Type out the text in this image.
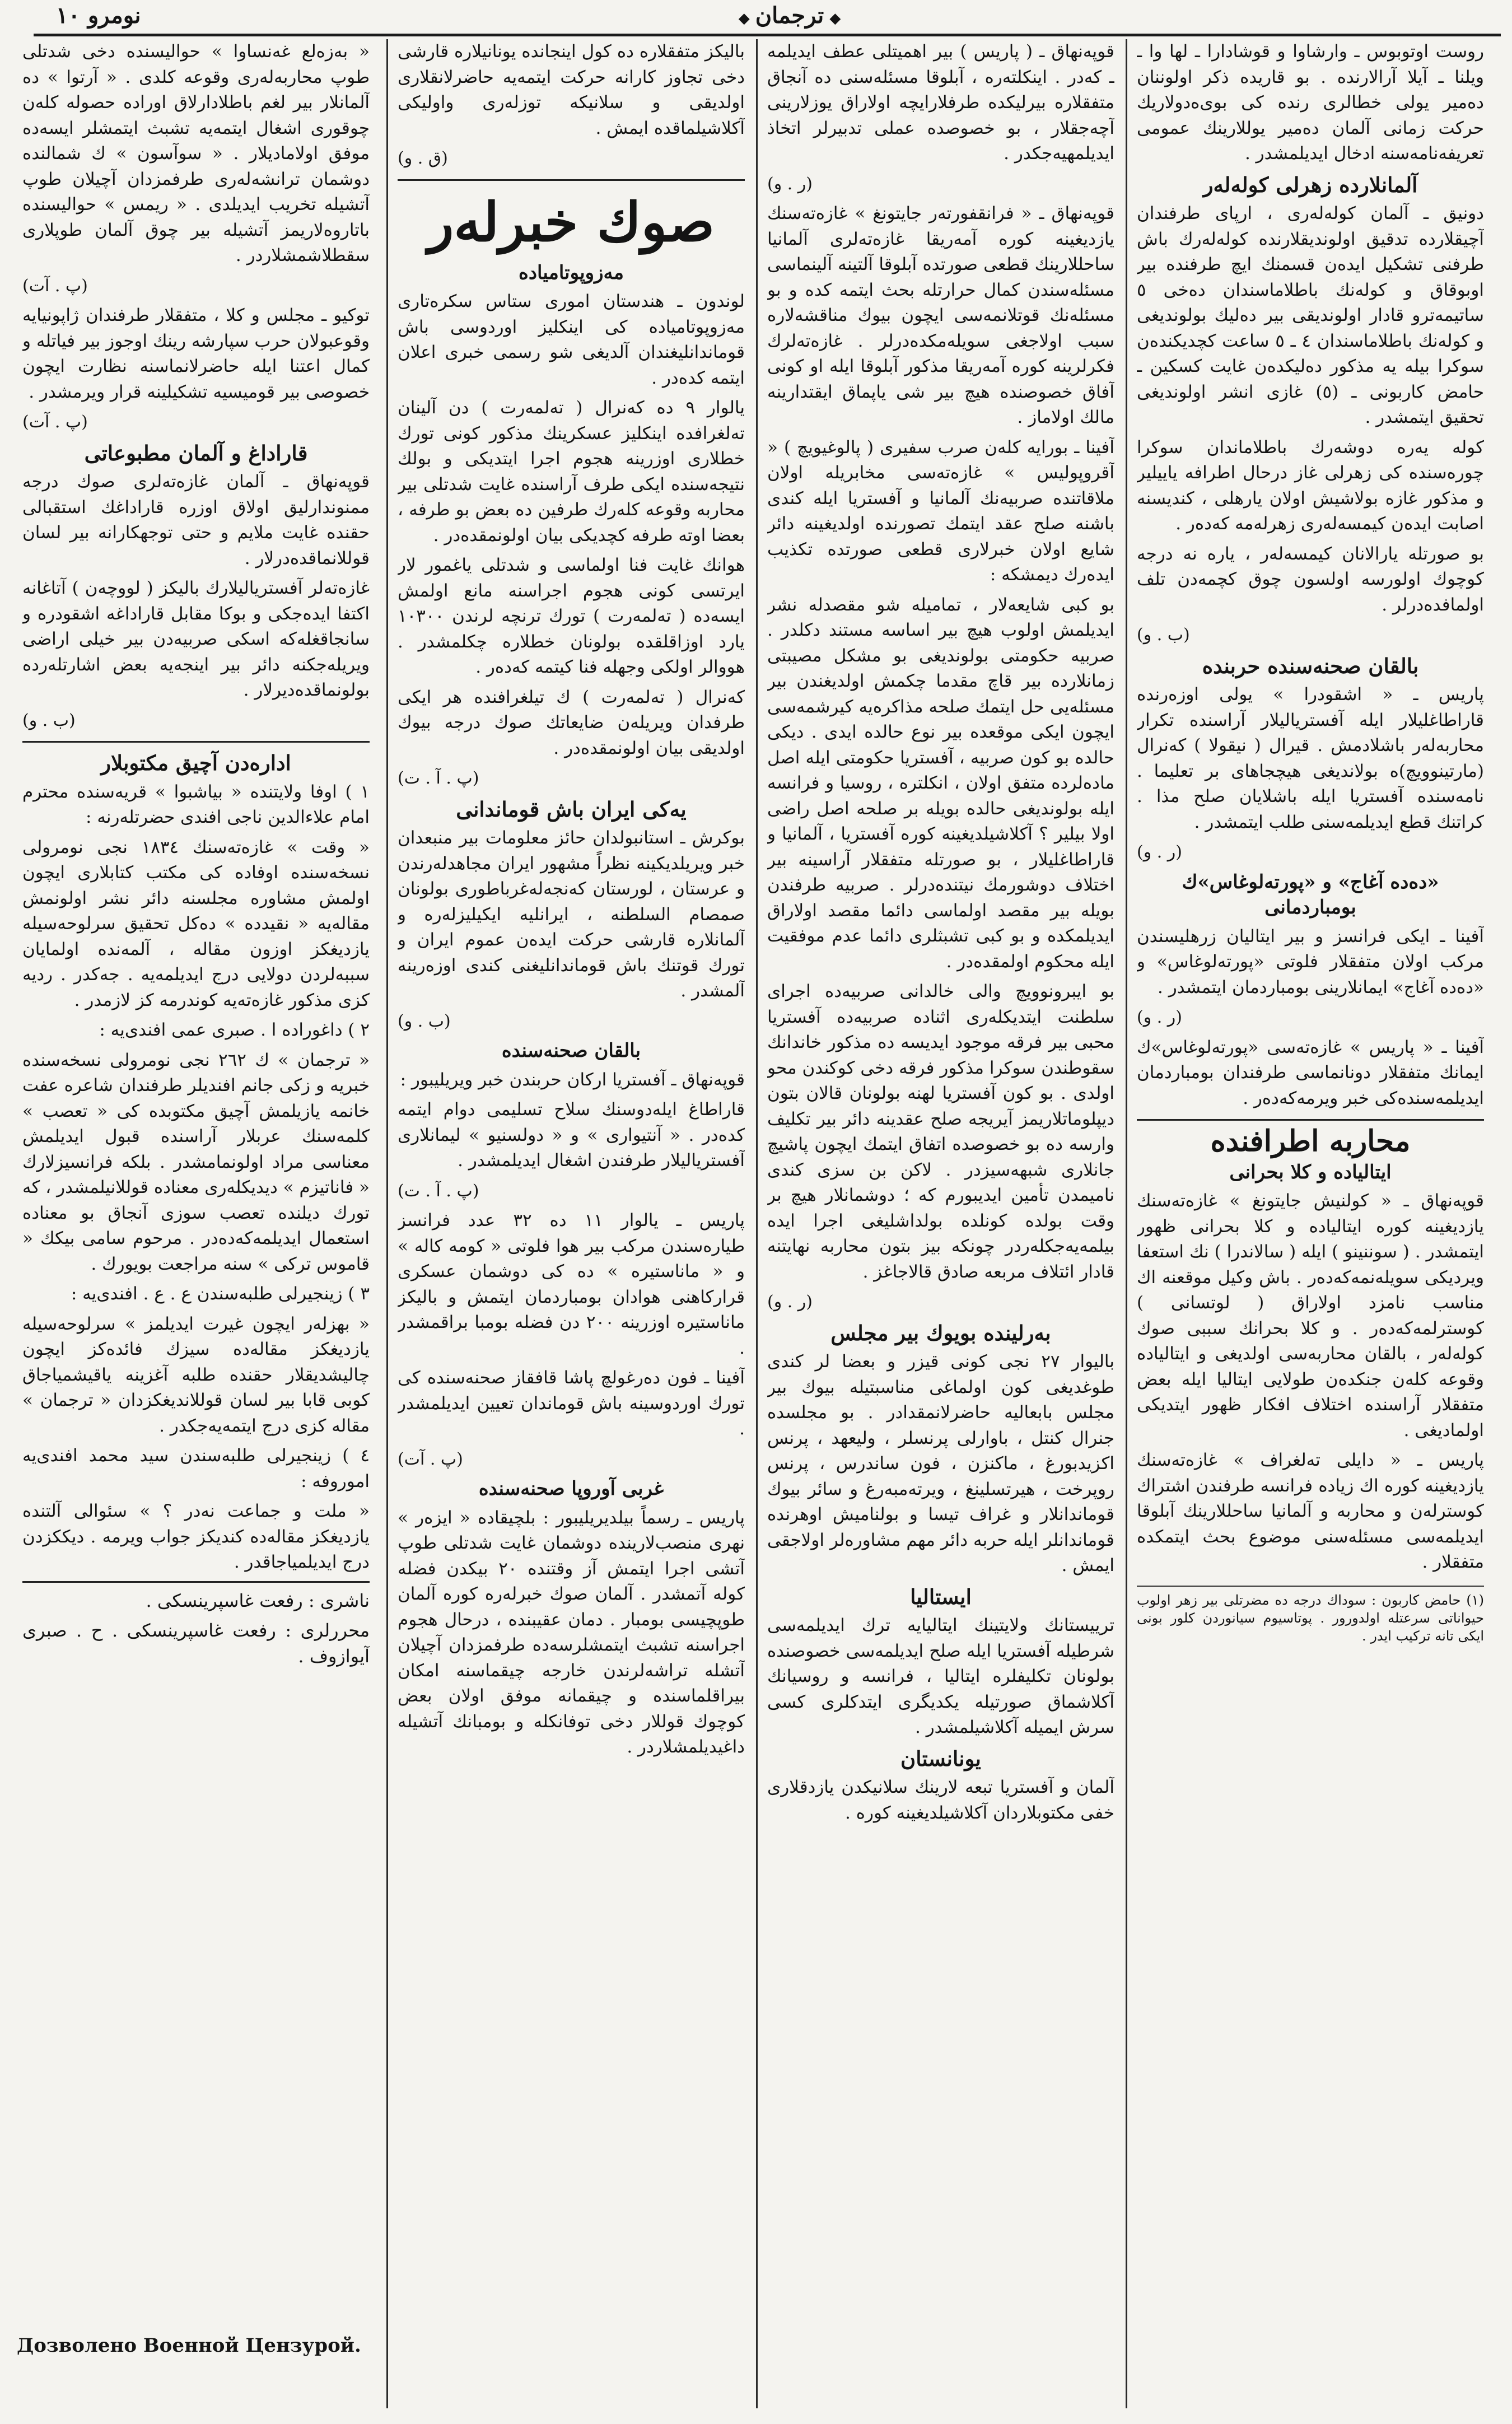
نومرو ١٠
◆	ترجمان ◆

روست اوتوبوس ـ وارشاوا و قوشادارا ـ لها وا ـ ويلنا ـ آيلا آرالارنده . بو قاريده ذكر اولوننان دەمير يولی خطالری رنده کی بوی‌ەدولاریك حرکت زمانی آلمان دەمير يوللارينك عمومی تعریفەنامەسنه ادخال ایدیلمشدر .

آلمانلاردە زهرلی کولەلەر

دونیق ـ آلمان کولەلەری ، ارپای طرفندان آچیقلارده تدقیق اولوندیقلارنده کولەلەرك باش طرفنی تشکیل ایدەن قسمنك ایچ طرفنده بیر اوبوقاق و کولەنك باطلاماسندان دەخی ٥ ساتیمەترو قادار اولوندیقی بیر دەلیك بولوندیغی و کولەنك باطلاماسندان ٤ ـ ٥ ساعت کچدیکندەن سوکرا بیله یە مذکور دەلیکدەن غایت کسکین ـ حامض کاربونی ـ (٥) غازی انشر اولوندیغی تحقیق ایتمشدر .

کولە یەرە دوشەرك باطلاماندان سوکرا چوره‌سنده کی زهرلی غاز درحال اطرافه یاییلیر و مذکور غازه بولاشیش اولان یارهلی ، کندیسنه اصابت ایدەن کیمسەلەری زهرلەمه کەدەر .

بو صورتله یارالانان کیمسەلەر ، یاره نه درجە کوچوك اولورسه اولسون چوق کچمەدن تلف اولمافدەدرلر .

(ب . و)

بالقان صحنەسنده حربنده

پاریس ـ « اشقودرا » یولی اوزەرنده قاراطاغلیلار ایله آفستريالیلار آراسنده تکرار محاربەلەر باشلادمش . قیرال ( نیقولا ) کەنرال (مارتینوویچ)ه بولاندیغی هیچجاهای بر تعلیما . نامەسنده آفستريا ایله باشلایان صلح مذا . کراتنك قطع ایدیلمەسنی طلب ایتمشدر .

(ر . و)

«دەدە آغاج» و «پورتەلوغاس»ك بومباردمانی

آفینا ـ ایکی فرانسز و بیر ایتالیان زرهلیسندن مرکب اولان متفقلار فلوتی «پورتەلوغاس» و «دەدە آغاج» ایمانلارینی بومباردمان ایتمشدر .

(ر . و)

آفینا ـ « پاریس » غازەتەسی «پورتەلوغاس»ك ایمانك متفقلار دونانماسی طرفندان بومباردمان ایدیلمه‌سندەکی خبر ویرمەکەدەر .

محاربه اطرافنده
ایتالیادە و کلا بحرانی

قوپەنهاق ـ « کولنیش جایتونغ » غازەتەسنك یازدیغینه کوره ایتالیادە و کلا بحرانی ظهور ایتمشدر . ( سوننینو ) ایله ( سالاندرا ) نك استعفا ویردیکی سویلەنمەکەدەر . باش وکیل موقعنه اك مناسب نامزد اولاراق ( لوتسانی ) کوسترلمەکەدەر . و کلا بحرانك سببی صوك کولەلەر ، بالقان محاربەسی اولدیغی و ایتالیاده وقوعه کلەن جنکدەن طولایی ایتالیا ایله بعض متفقلار آراسنده اختلاف افکار ظهور ایتدیکی اولمادیغی .

پاریس ـ « دایلی تەلغراف » غازەتەسنك یازدیغینه کوره اك زیادە فرانسه طرفندن اشتراك کوسترلەن و محاربه و آلمانیا ساحللارینك آبلوقا ایدیلمەسی مسئلەسنی موضوع بحث ایتمکده متفقلار .

(١) حامض کاربون : سوداك درجه ده مضرتلی بیر زهر اولوب حیواناتی سرعتله اولدورور . پوتاسیوم سیانوردن کلور بونی ایكی تانه ترکیب ایدر .

قوپەنهاق ـ ( پاریس ) بیر اهمیتلی عطف ایدیلمه ـ کەدر . اینکلتەره ، آبلوقا مسئلەسنی ده آنجاق متفقلاره بیرلیکده طرفلارایچه اولاراق یوزلارینی آچەجقلار ، بو خصوصده عملی تدبیرلر اتخاذ ایدیلمهیەجکدر .

(ر . و)

قوپەنهاق ـ « فرانقفورتەر جایتونغ » غازەتەسنك یازدیغینه کوره آمەریقا غازەتەلری آلمانیا ساحللارینك قطعی صورتده آبلوقا آلتینه آلینماسی مسئلەسندن کمال حرارتله بحث ایتمه کده و بو مسئلەنك قوتلانمەسی ایچون بیوك مناقشەلاره سبب اولاجغی سویلەمکدەدرلر . غازەتەلرك فکرلرینه کوره آمەریقا مذکور آبلوقا ایله او کونی آفاق خصوصنده هیچ بیر شی یاپماق ایقتدارینه مالك اولاماز .

آفینا ـ بورایه کلەن صرب سفیری ( پالوغیویچ ) « آقروپولیس » غازەتەسی مخابریله اولان ملاقاتنده صربیه‌نك آلمانیا و آفستريا ایله کندی باشنه صلح عقد ایتمك تصورنده اولدیغینه دائر شایع اولان خبرلاری قطعی صورتده تکذیب ایدەرك دیمشکه :

بو کبی شایعەلار ، تماميله شو مقصدله نشر ایدیلمش اولوب هیچ بیر اساسه مستند دکلدر . صربیه حکومتی بولوندیغی بو مشکل مصیبتی زمانلارده بیر قاچ مقدما چکمش اولدیغندن بیر مسئلەیی حل ایتمك صلحه مذاکرەیه کیرشمەسی ایچون ایکی موقعده بیر نوع حالده ایدی . دیکی حالده بو کون صربیه ، آفستریا حکومتی ایله اصل مادەلرده متفق اولان ، انکلترە ، روسیا و فرانسه ایله بولوندیغی حالده بویله بر صلحه اصل راضی اولا بیلیر ؟ آکلاشیلدیغینه کوره آفستريا ، آلمانيا و قاراطاغلیلار ، بو صورتله متفقلار آراسینه بیر اختلاف دوشورمك نیتنده‌درلر . صربیه طرفندن بویله بیر مقصد اولماسی دائما مقصد اولاراق ایدیلمکده و بو کبی تشبثلری دائما عدم موفقيت ايله محکوم اولمقدەدر .

بو ایبرونوویچ والی خالدانی صربیه‌ده اجرای سلطنت ایتدیکلەری اثناده صربیه‌ده آفستریا محبی بیر فرقه موجود ایدیسه ده مذکور خاندانك سقوطندن سوکرا مذکور فرقه دخی کوکندن محو اولدی . بو کون آفستریا لهنه بولونان قالان بتون دیپلوماتلاریمز آیریجه صلح عقدینه دائر بیر تکلیف وارسه ده بو خصوصده اتفاق ایتمك ایچون پاشیچ جانلاری شبهەسیزدر . لاكن بن سزی کندی نامیمدن تأمین ایدیبورم که ؛ دوشمانلار هیچ بر وقت بولده کونلده بولداشلیغی اجرا ایده بیلمەیەجکلەردر چونکه بیز بتون محاربه نهایتنه قادار ائتلاف مربعه صادق قالاجاغز .

(ر . و)

بەرلیندە بویوك بیر مجلس

بالیوار ٢٧ نجی کونی قیزر و بعضا لر کندی طوغدیغی کون اولماغی مناسبتیله بیوك بیر مجلس بابعالیه حاضرلانمقدادر . بو مجلسده جنرال کنتل ، باوارلی پرنسلر ، ولیعهد ، پرنس اکزیدبورغ ، ماکنزن ، فون ساندرس ، پرنس روپرخت ، هیرتسلینغ ، ویرتەمبەرغ و سائر بیوك قوماندانلار و غراف تیسا و بولنامیش اوهرنده قوماندانلر ایله حربه دائر مهم مشاورەلر اولاجقی ایمش .

ایستالیا

ترییستانك ولایتینك ایتالیایه ترك ایدیلمەسی شرطیله آفستریا ایله صلح ایدیلمەسی خصوصنده بولونان تکلیفلره ایتالیا ، فرانسه و روسیانك آکلاشماق صورتیله یکدیگری ایتدکلری کسی سرش ایمیله آکلاشیلمشدر .

یونانستان

آلمان و آفستریا تبعه لارینك سلانیکدن یازدقلاری خفی مکتوبلاردان آکلاشیلدیغینه کوره .

بالیکز متفقلارە دە کول اینجانده یونانیلارە قارشی دخی تجاوز کارانه حرکت ایتمەیه حاضرلانقلاری اولدیقی و سلانیکه توزلەری واولیکی آکلاشیلماقده ایمش .

(ق . و)

صوك خبرلەر
مەزوپوتامیادە

لوندون ـ هندستان اموری ستاس سکرەتاری مەزوپوتامیادە کی اینکلیز اوردوسی باش قوماندانلیغندان آلدیغی شو رسمی خبری اعلان ایتمه کده‌در .

یالوار ٩ ده کەنرال ( تەلمەرت ) دن آلینان تەلغرافده اینکلیز عسکرینك مذکور کونی تورك خطلاری اوزرینه هجوم اجرا ایتدیکی و بولك نتیجەسنده ایکی طرف آراسنده غایت شدتلی بیر محاربه وقوعه کلەرك طرفین ده بعض بو طرفه ، بعضا اوته طرفه کچدیکی بیان اولونمقدەدر .

هوانك غایت فنا اولماسی و شدتلی یاغمور لار ایرتسی کونی هجوم اجراسنه مانع اولمش ایسەده ( تەلمەرت ) تورك ترنچه لرندن ١٠٣٠٠ یارد اوزاقلقده بولونان خطلاره چکلمشدر . هووالر اولکی وجهله فنا کیتمه کەدەر .

کەنرال ( تەلمەرت ) ك تیلغرافنده هر ایکی طرفدان ویریلەن ضایعاتك صوك درجه بیوك اولدیقی بیان اولونمقدەدر .

(پ . آ . ت)

یەکی ایران باش قوماندانی

بوکرش ـ استانبولدان حائز معلومات بیر منبعدان خبر ویریلدیکینه نظراً مشهور ایران مجاهدلەرندن و عرستان ، لورستان کەنجەلەغرباطوری بولونان صمصام السلطنه ، ایرانلیه ایکیلیزلەره و آلمانلاره قارشی حرکت ایدەن عموم ایران و تورك قوتنك باش قوماندانلیغنی کندی اوزەرینه آلمشدر .

(ب . و)

بالقان صحنەسنده

قوپەنهاق ـ آفستریا ارکان حربندن خبر ویریلیبور :

قاراطاغ ایلەدوسنك سلاح تسلیمی دوام ایتمه کدەدر . « آنتیواری » و « دولسنیو » لیمانلاری آفستریالیلار طرفندن اشغال ایدیلمشدر .

(پ . آ . ت)

پاریس ـ یالوار ١١ ده ٣٢ عدد فرانسز طیارەسندن مرکب بیر هوا فلوتی « کومه کاله » و « ماناستیره » ده کی دوشمان عسکری قرارکاهنی هوادان بومباردمان ایتمش و بالیکز ماناستیره اوزرینه ٢٠٠ دن فضله بومبا براقمشدر .

آفینا ـ فون دەرغولچ پاشا قافقاز صحنەسنده کی تورك اوردوسینه باش قوماندان تعیین ایدیلمشدر .

(پ . آت)

غربی آوروپا صحنەسنده

پاریس ـ رسماً بیلدیریلیبور : بلچیقاده « ایزەر » نهری منصب‌لارینده دوشمان غایت شدتلی طوپ آتشی اجرا ایتمش آز وقتنده ٢٠ بیکدن فضله کولە آتمشدر . آلمان صوك خبرلەره کوره آلمان طوپچیسی بومبار . دمان عقیبنده ، درحال هجوم اجراسنه تشبث ایتمشلرسەده طرفمزدان آچیلان آتشله تراشه‌لرندن خارجه چیقماسنه امکان بیراقلماسنده و چیقمانه موفق اولان بعض کوچوك قوللار دخی توفانكله و بومبانك آتشیله داغیدیلمشلاردر .

« بەزەلع غەنساوا » حواليسنده دخی شدتلی طوپ محاربەلەری وقوعه کلدی . « آرتوا » ده آلمانلار بیر لغم باطلادارلاق اوراده حصوله کلەن چوقوری اشغال ایتمەیه تشبث ایتمشلر ایسەده موفق اولامادیلار . « سوآسون » ك شمالنده دوشمان ترانشەلەری طرفمزدان آچیلان طوپ آتشیله تخریب ایدیلدی . « ریمس » حواليسنده باتاروەلاریمز آتشیله بیر چوق آلمان طوپلاری سقطلاشمشلاردر .

(پ . آت)

توکیو ـ مجلس و کلا ، متفقلار طرفندان ژاپونیایه وقوعبولان حرب سپارشه رینك اوجوز بیر فیاتلە و کمال اعتنا ایله حاضرلانماسنه نظارت ایچون خصوصی بیر قومیسیه تشکیلینه قرار ویرمشدر .

(پ . آت)

قاراداغ و آلمان مطبوعاتی

قوپەنهاق ـ آلمان غازەتەلری صوك درجه ممنوندارلیق اولاق اوزره قاراداغك استقبالی حقنده غایت ملایم و حتی توجهکارانه بیر لسان قوللانماقده‌درلار .

غازەتەلر آفستریالیلارك بالیکز ( لووچەن ) آتاغانه اکتفا ایدەجکی و بوکا مقابل قاراداغه اشقودره و سانجاقغلەکه اسکی صربیه‌دن بیر خیلی اراضی ویریله‌جکنه دائر بیر اینجەیه بعض اشارتلەرده بولونماقده‌دیرلار .

(ب . و)

ادارەدن آچیق مکتوبلار

١ ) اوفا ولایتنده « بیاشبوا » قریەسنده محترم امام علاءالدین ناجی افندی حضرتلەرنه :

« وقت » غازەتەسنك ١٨٣٤ نجی نومرولی نسخەسنده اوفاده کی مکتب کتابلاری ایچون اولمش مشاوره مجلسنه دائر نشر اولونمش مقالەیه « نقیدده » دەکل تحقیق سرلوحەسیله یازدیغکز اوزون مقاله ، آلمەنده اولمایان سببەلردن دولایی درج ایدیلمەیه . جەکدر . ردیه کزی مذکور غازەتەیه کوندرمه کز لازمدر .

٢ ) داغوراده ا . صبری عمی افندی‌یه :

« ترجمان » ك ٢٦٢ نجی نومرولی نسخەسنده خبریه و زکی جانم افندیلر طرفندان شاعره عفت خانمه یازیلمش آچیق مکتوبده کی « تعصب » کلمەسنك عربلار آراسنده قبول ایدیلمش معناسی مراد اولونمامشدر . بلکه فرانسیزلارك « فاناتیزم » دیدیکلەری معناده قوللانیلمشدر ، که تورك دیلنده تعصب سوزی آنجاق بو معناده استعمال ایدیلمه‌کەدەدر . مرحوم سامی بیکك « قاموس ترکی » سنه مراجعت بویورك .

٣ ) زینجیرلی طلبەسندن ع . ع . افندی‌یه :

« بهزلەر ایچون غیرت ایدیلمز » سرلوحەسیله یازدیغکز مقالەده سیزك فائدەکز ایچون چالیشدیقلار حقنده طلبه آغزینه یاقیشمیاجاق کوبی قابا بیر لسان قوللاندیغکزدان « ترجمان » مقاله کزی درج ایتمه‌یه‌جکدر .

٤ ) زینجیرلی طلبەسندن سید محمد افندی‌یه اموروفه :

« ملت و جماعت نه‌در ؟ » سئوالی آلتنده یازدیغکز مقالەده کندیکز جواب ویرمه . دیککزدن درج ایدیلمیاجاقدر .

ناشری : رفعت غاسپرینسکی .
محررلری : رفعت غاسپرینسکی . ح . صبری آیوازوف .
Дозволено Военной Цензурой.
